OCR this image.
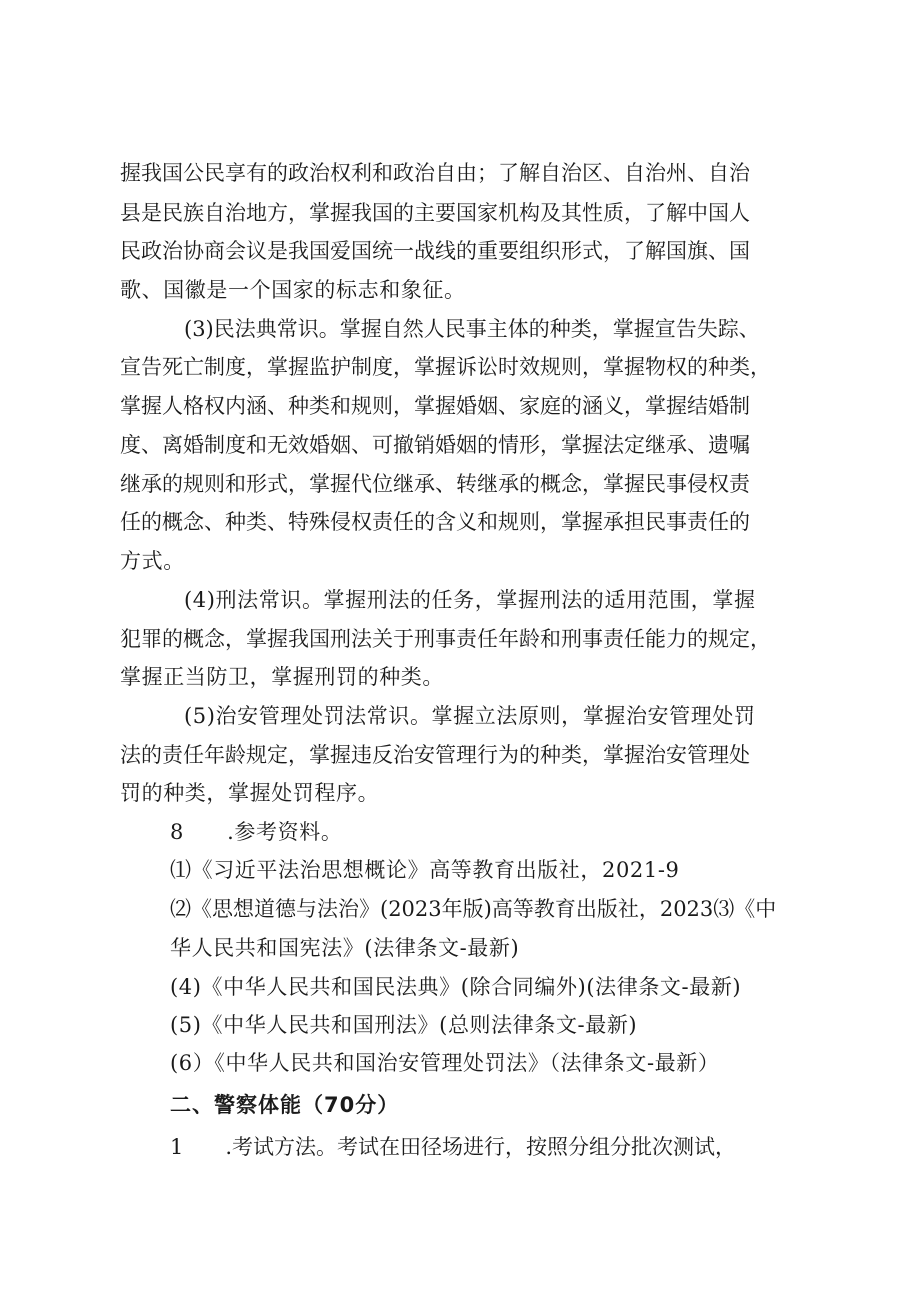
握我国公民享有的政治权利和政治自由；了解自治区、自治州、自治
县是民族自治地方，掌握我国的主要国家机构及其性质，了解中国人
民政治协商会议是我国爱国统一战线的重要组织形式，了解国旗、国
歌、国徽是一个国家的标志和象征。
(3)民法典常识。掌握自然人民事主体的种类，掌握宣告失踪、
宣告死亡制度，掌握监护制度，掌握诉讼时效规则，掌握物权的种类，
掌握人格权内涵、种类和规则，掌握婚姻、家庭的涵义，掌握结婚制
度、离婚制度和无效婚姻、可撤销婚姻的情形，掌握法定继承、遗嘱
继承的规则和形式，掌握代位继承、转继承的概念，掌握民事侵权责
任的概念、种类、特殊侵权责任的含义和规则，掌握承担民事责任的
方式。
(4)刑法常识。掌握刑法的任务，掌握刑法的适用范围，掌握
犯罪的概念，掌握我国刑法关于刑事责任年龄和刑事责任能力的规定，
掌握正当防卫，掌握刑罚的种类。
(5)治安管理处罚法常识。掌握立法原则，掌握治安管理处罚
法的责任年龄规定，掌握违反治安管理行为的种类，掌握治安管理处
罚的种类，掌握处罚程序。
8　　.参考资料。
⑴《习近平法治思想概论》高等教育出版社，2021-9
⑵《思想道德与法治》(2023年版)高等教育出版社，2023⑶《中
华人民共和国宪法》(法律条文-最新)
(4)《中华人民共和国民法典》(除合同编外)(法律条文-最新)
(5)《中华人民共和国刑法》(总则法律条文-最新)
(6）《中华人民共和国治安管理处罚法》（法律条文-最新）
二、警察体能（70分）
1　　.考试方法。考试在田径场进行，按照分组分批次测试，
